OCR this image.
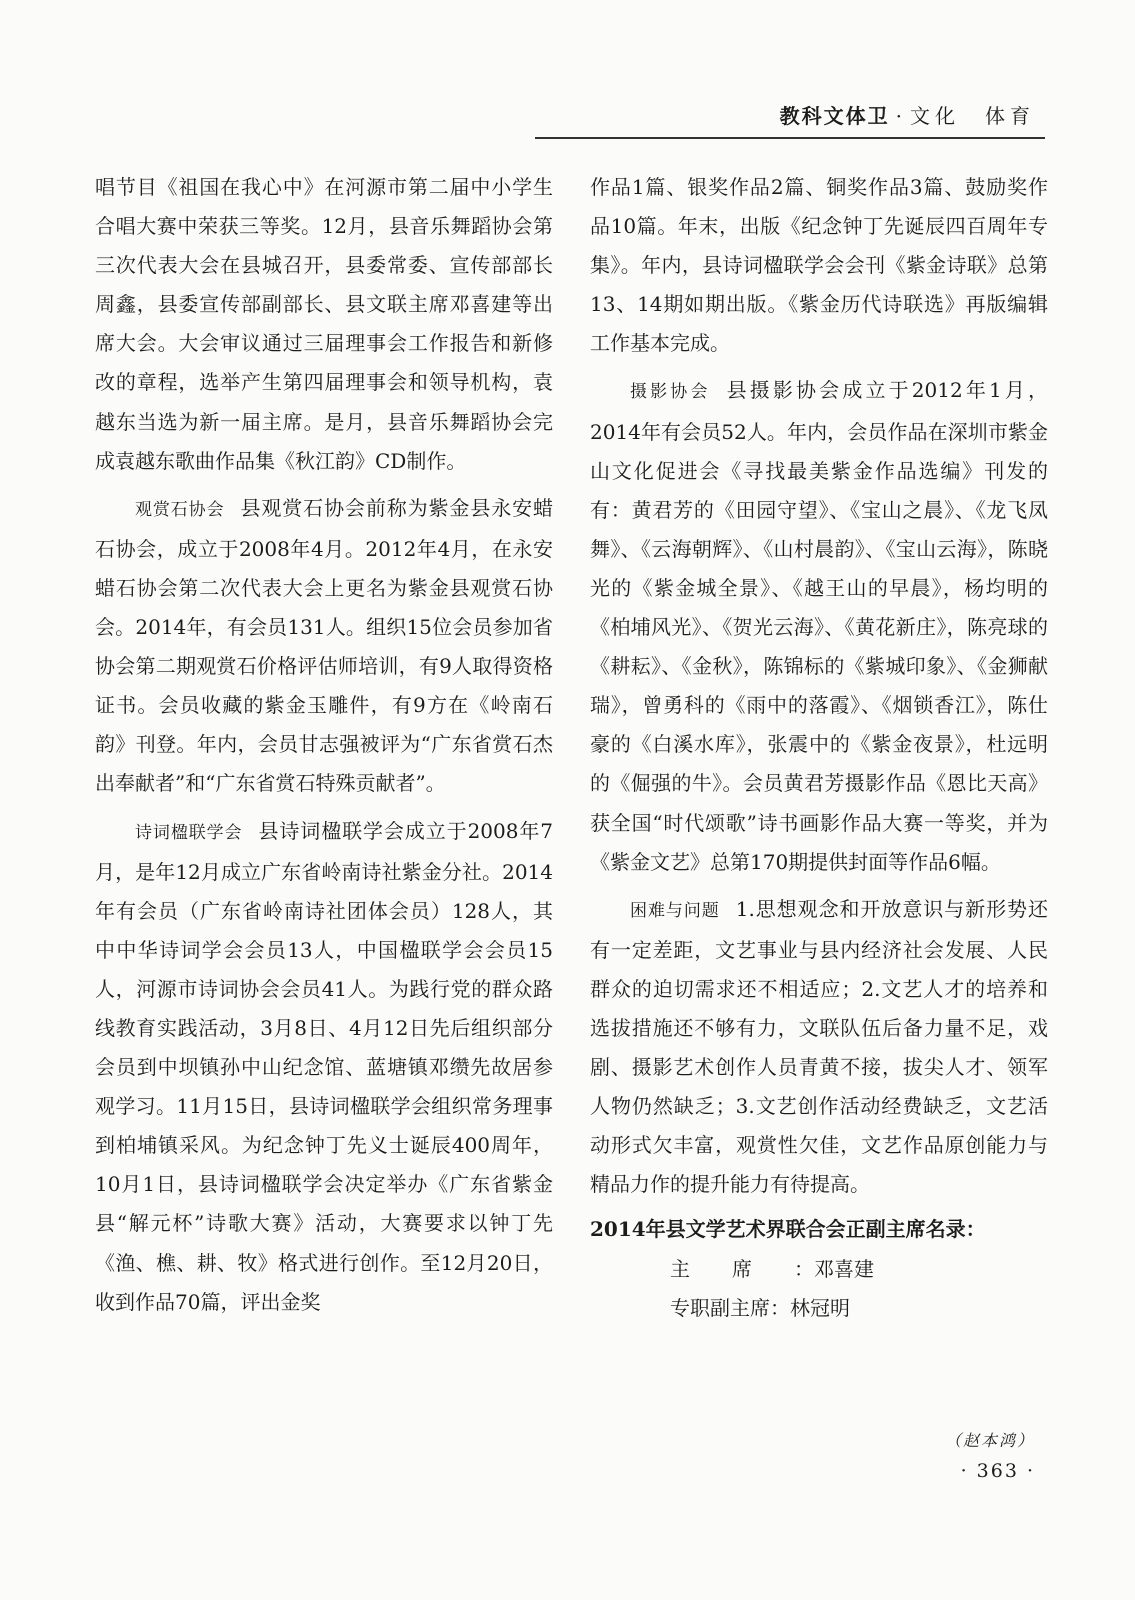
教科文体卫 · 文化　体育

唱节目《祖国在我心中》在河源市第二届中小学生合唱大赛中荣获三等奖。12月，县音乐舞蹈协会第三次代表大会在县城召开，县委常委、宣传部部长周鑫，县委宣传部副部长、县文联主席邓喜建等出席大会。大会审议通过三届理事会工作报告和新修改的章程，选举产生第四届理事会和领导机构，袁越东当选为新一届主席。是月，县音乐舞蹈协会完成袁越东歌曲作品集《秋江韵》CD制作。

观赏石协会 县观赏石协会前称为紫金县永安蜡石协会，成立于2008年4月。2012年4月，在永安蜡石协会第二次代表大会上更名为紫金县观赏石协会。2014年，有会员131人。组织15位会员参加省协会第二期观赏石价格评估师培训，有9人取得资格证书。会员收藏的紫金玉雕件，有9方在《岭南石韵》刊登。年内，会员甘志强被评为“广东省赏石杰出奉献者”和“广东省赏石特殊贡献者”。

诗词楹联学会 县诗词楹联学会成立于2008年7月，是年12月成立广东省岭南诗社紫金分社。2014年有会员（广东省岭南诗社团体会员）128人，其中中华诗词学会会员13人，中国楹联学会会员15人，河源市诗词协会会员41人。为践行党的群众路线教育实践活动，3月8日、4月12日先后组织部分会员到中坝镇孙中山纪念馆、蓝塘镇邓缵先故居参观学习。11月15日，县诗词楹联学会组织常务理事到柏埔镇采风。为纪念钟丁先义士诞辰400周年，10月1日，县诗词楹联学会决定举办《广东省紫金县“解元杯”诗歌大赛》活动，大赛要求以钟丁先《渔、樵、耕、牧》格式进行创作。至12月20日，收到作品70篇，评出金奖

作品1篇、银奖作品2篇、铜奖作品3篇、鼓励奖作品10篇。年末，出版《纪念钟丁先诞辰四百周年专集》。年内，县诗词楹联学会会刊《紫金诗联》总第13、14期如期出版。《紫金历代诗联选》再版编辑工作基本完成。

摄影协会 县摄影协会成立于2012年1月，2014年有会员52人。年内，会员作品在深圳市紫金山文化促进会《寻找最美紫金作品选编》刊发的有：黄君芳的《田园守望》、《宝山之晨》、《龙飞凤舞》、《云海朝辉》、《山村晨韵》、《宝山云海》，陈晓光的《紫金城全景》、《越王山的早晨》，杨均明的《柏埔风光》、《贺光云海》、《黄花新庄》，陈亮球的《耕耘》、《金秋》，陈锦标的《紫城印象》、《金狮献瑞》，曾勇科的《雨中的落霞》、《烟锁香江》，陈仕豪的《白溪水库》，张震中的《紫金夜景》，杜远明的《倔强的牛》。会员黄君芳摄影作品《恩比天高》获全国“时代颂歌”诗书画影作品大赛一等奖，并为《紫金文艺》总第170期提供封面等作品6幅。

困难与问题 1.思想观念和开放意识与新形势还有一定差距，文艺事业与县内经济社会发展、人民群众的迫切需求还不相适应；2.文艺人才的培养和选拔措施还不够有力，文联队伍后备力量不足，戏剧、摄影艺术创作人员青黄不接，拔尖人才、领军人物仍然缺乏；3.文艺创作活动经费缺乏，文艺活动形式欠丰富，观赏性欠佳，文艺作品原创能力与精品力作的提升能力有待提高。

2014年县文学艺术界联合会正副主席名录：

主席：邓喜建

专职副主席：林冠明

（赵本鸿）
· 363 ·
